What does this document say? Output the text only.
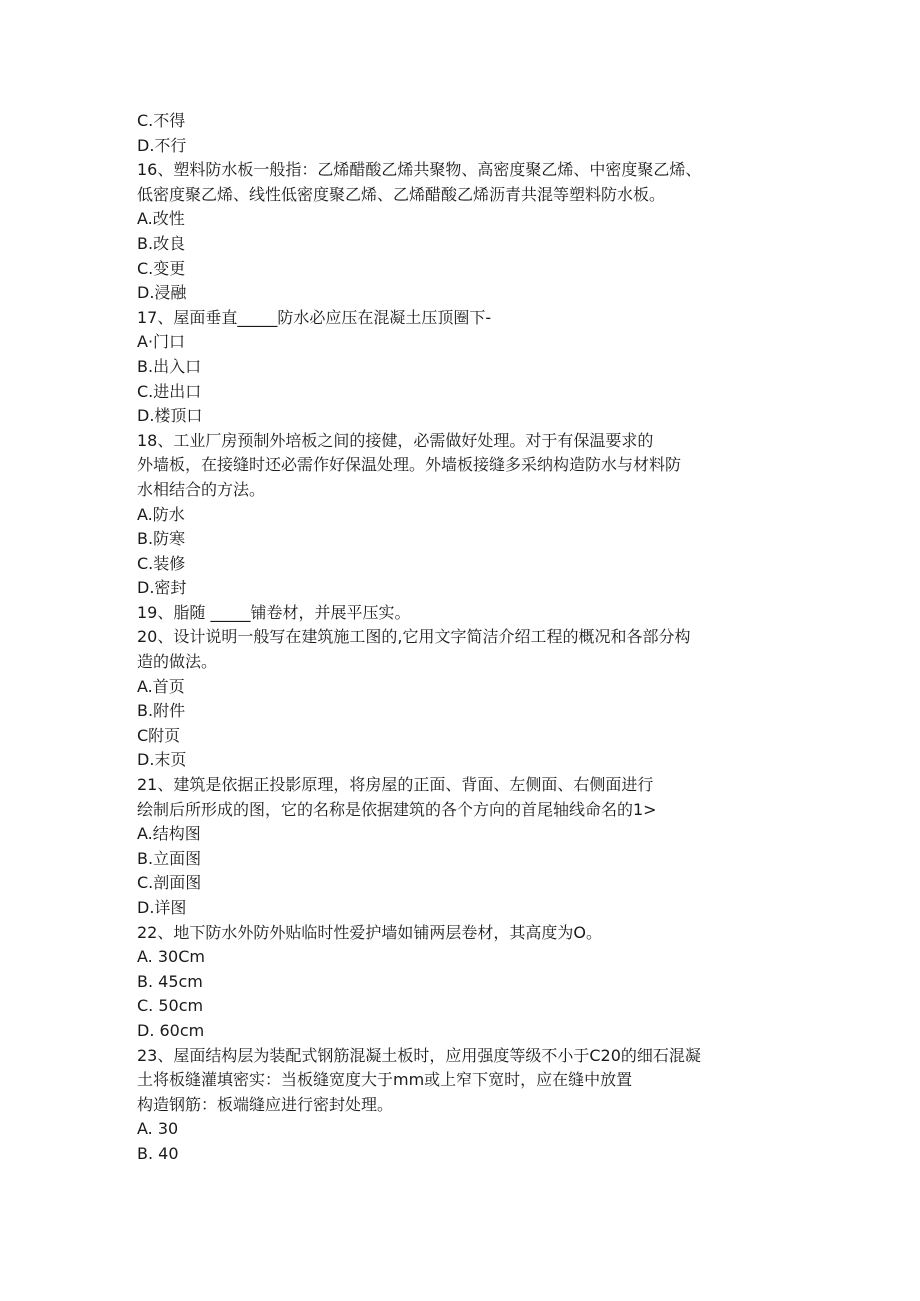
C.不得
D.不行
16、塑料防水板一般指：乙烯醋酸乙烯共聚物、高密度聚乙烯、中密度聚乙烯、
低密度聚乙烯、线性低密度聚乙烯、乙烯醋酸乙烯沥青共混等塑料防水板。
A.改性
B.改良
C.变更
D.浸融
17、屋面垂直_____防水必应压在混凝土压顶圈下-
A·门口
B.出入口
C.进出口
D.楼顶口
18、工业厂房预制外培板之间的接健，必需做好处理。对于有保温要求的
外墙板，在接缝时还必需作好保温处理。外墙板接缝多采纳构造防水与材料防
水相结合的方法。
A.防水
B.防寒
C.装修
D.密封
19、脂随 _____铺卷材，并展平压实。
20、设计说明一般写在建筑施工图的,它用文字简洁介绍工程的概况和各部分构
造的做法。
A.首页
B.附件
C附页
D.末页
21、建筑是依据正投影原理，将房屋的正面、背面、左侧面、右侧面进行
绘制后所形成的图，它的名称是依据建筑的各个方向的首尾轴线命名的1>
A.结构图
B.立面图
C.剖面图
D.详图
22、地下防水外防外贴临时性爱护墙如铺两层卷材，其高度为O。
A. 30Cm
B. 45cm
C. 50cm
D. 60cm
23、屋面结构层为装配式钢筋混凝土板时，应用强度等级不小于C20的细石混凝
土将板缝灌填密实：当板缝宽度大于mm或上窄下宽时，应在缝中放置
构造钢筋：板端缝应进行密封处理。
A. 30
B. 40
